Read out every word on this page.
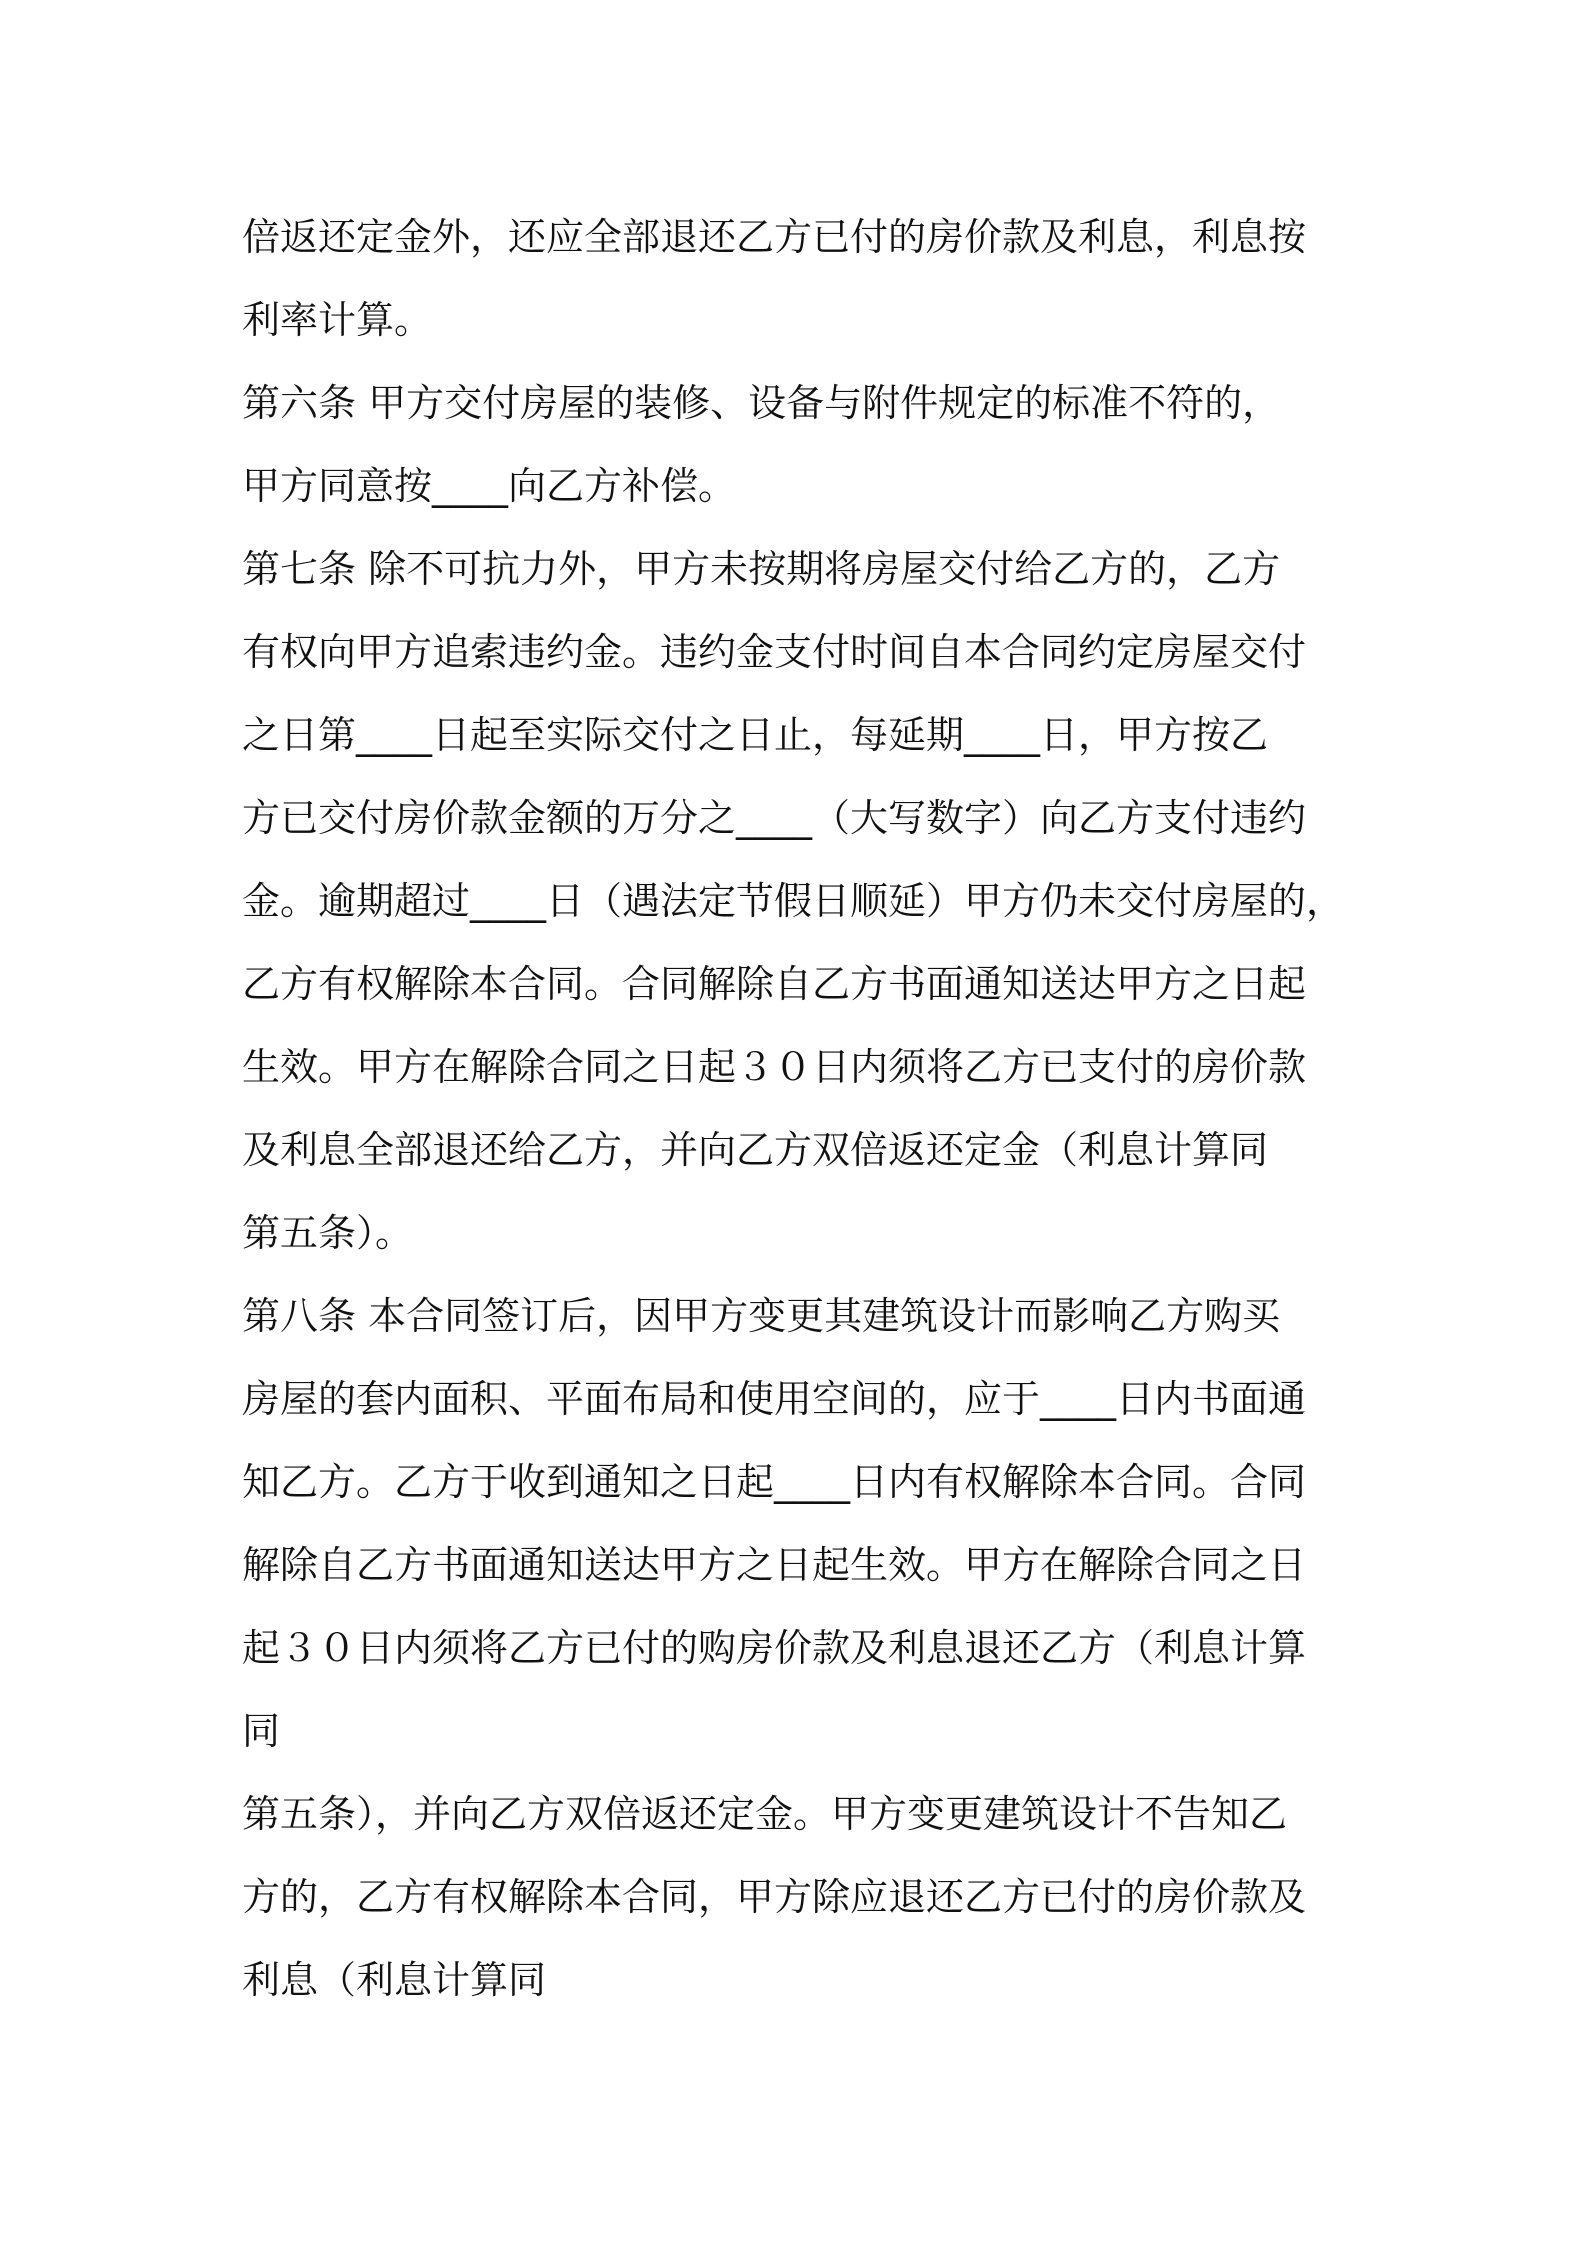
倍返还定金外，还应全部退还乙方已付的房价款及利息，利息按
利率计算。
第六条 甲方交付房屋的装修、设备与附件规定的标准不符的，
甲方同意按____向乙方补偿。
第七条 除不可抗力外，甲方未按期将房屋交付给乙方的，乙方
有权向甲方追索违约金。违约金支付时间自本合同约定房屋交付
之日第____日起至实际交付之日止，每延期____日，甲方按乙
方已交付房价款金额的万分之____（大写数字）向乙方支付违约
金。逾期超过____日（遇法定节假日顺延）甲方仍未交付房屋的，
乙方有权解除本合同。合同解除自乙方书面通知送达甲方之日起
生效。甲方在解除合同之日起３０日内须将乙方已支付的房价款
及利息全部退还给乙方，并向乙方双倍返还定金（利息计算同
第五条）。
第八条 本合同签订后，因甲方变更其建筑设计而影响乙方购买
房屋的套内面积、平面布局和使用空间的，应于____日内书面通
知乙方。乙方于收到通知之日起____日内有权解除本合同。合同
解除自乙方书面通知送达甲方之日起生效。甲方在解除合同之日
起３０日内须将乙方已付的购房价款及利息退还乙方（利息计算
同
第五条），并向乙方双倍返还定金。甲方变更建筑设计不告知乙
方的，乙方有权解除本合同，甲方除应退还乙方已付的房价款及
利息（利息计算同
